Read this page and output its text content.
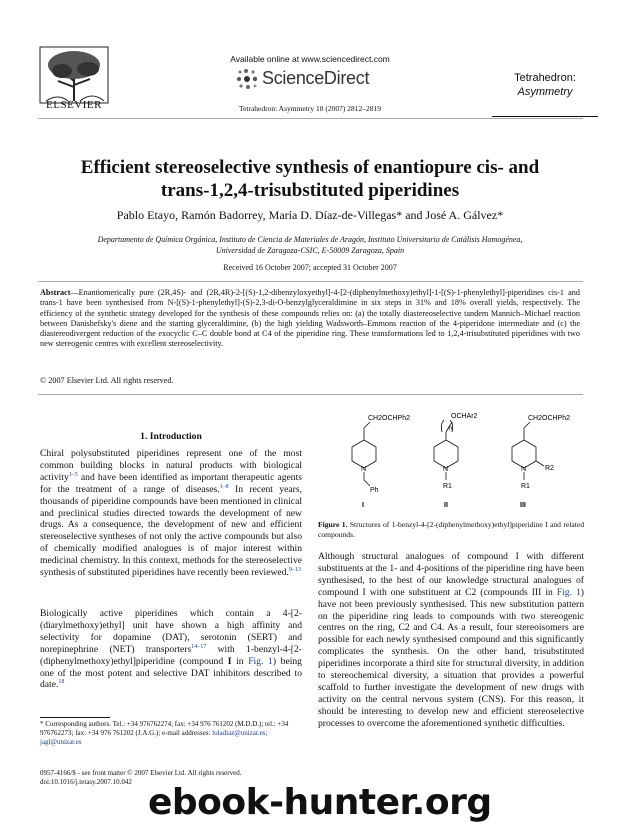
ELSEVIER
Available online at www.sciencedirect.com
ScienceDirect
Tetrahedron: Asymmetry 18 (2007) 2812–2819
Tetrahedron:
Asymmetry
Efficient stereoselective synthesis of enantiopure cis- and
trans-1,2,4-trisubstituted piperidines
Pablo Etayo, Ramón Badorrey, María D. Díaz-de-Villegas* and José A. Gálvez*
Departamento de Química Orgánica, Instituto de Ciencia de Materiales de Aragón, Instituto Universitario de Catálisis Homogénea,
Universidad de Zaragoza-CSIC, E-50009 Zaragoza, Spain
Received 16 October 2007; accepted 31 October 2007
Abstract—Enantiomerically pure (2R,4S)- and (2R,4R)-2-[(S)-1,2-dibenzyloxyethyl]-4-[2-(diphenylmethoxy)ethyl]-1-[(S)-1-phenylethyl]-piperidines cis-1 and trans-1 have been synthesised from N-[(S)-1-phenylethyl]-(S)-2,3-di-O-benzylglyceraldimine in six steps in 31% and 18% overall yields, respectively. The efficiency of the synthetic strategy developed for the synthesis of these compounds relies on: (a) the totally diastereoselective tandem Mannich–Michael reaction between Danishefsky's diene and the starting glyceraldimine, (b) the high yielding Wadsworth–Emmons reaction of the 4-piperidone intermediate and (c) the diastereodivergent reduction of the exocyclic C–C double bond at C4 of the piperidine ring. These transformations led to 1,2,4-trisubstituted piperidines with two new stereogenic centres with excellent stereoselectivity.
© 2007 Elsevier Ltd. All rights reserved.
1. Introduction
Chiral polysubstituted piperidines represent one of the most common building blocks in natural products with biological activity$^{1-5}$ and have been identified as important therapeutic agents for the treatment of a range of diseases.$^{1-8}$ In recent years, thousands of piperidine compounds have been mentioned in clinical and preclinical studies directed towards the development of new drugs. As a consequence, the development of new and efficient stereoselective syntheses of not only the active compounds but also of chemically modified analogues is of major interest within medicinal chemistry. In this context, methods for the stereoselective synthesis of substituted piperidines have recently been reviewed.$^{9-13}$
Biologically active piperidines which contain a 4-[2-(diarylmethoxy)ethyl] unit have shown a high affinity and selectivity for dopamine (DAT), serotonin (SERT) and norepinephrine (NET) transporters$^{14-17}$ with 1-benzyl-4-[2-(diphenylmethoxy)ethyl]piperidine (compound I in Fig. 1) being one of the most potent and selective DAT inhibitors described to date.$^{18}$
* Corresponding authors. Tel.: +34 976762274; fax: +34 976 761202 (M.D.D.); tel.: +34 976762273; fax: +34 976 761202 (J.A.G.); e-mail addresses: loladiaz@unizar.es; jagl@unizar.es
0957-4166/$ - see front matter © 2007 Elsevier Ltd. All rights reserved.
doi:10.1016/j.tetasy.2007.10.042
CH2OCHPh2
N
Ph
I
OCHAr2
n
N
R1
II
CH2OCHPh2
R2
N
R1
III
Figure 1. Structures of 1-benzyl-4-[2-(diphenylmethoxy)ethyl]piperidine I and related compounds.
Although structural analogues of compound I with different substituents at the 1- and 4-positions of the piperidine ring have been synthesised, to the best of our knowledge structural analogues of compound I with one substituent at C2 (compounds III in Fig. 1) have not been previously synthesised. This new substitution pattern on the piperidine ring leads to compounds with two stereogenic centres on the ring, C2 and C4. As a result, four stereoisomers are possible for each newly synthesised compound and this significantly complicates the synthesis. On the other hand, trisubstituted piperidines incorporate a third site for structural diversity, in addition to stereochemical diversity, a situation that provides a powerful scaffold to further investigate the development of new drugs with activity on the central nervous system (CNS). For this reason, it should be interesting to develop new and efficient stereoselective processes to overcome the aforementioned synthetic difficulties.
ebook-hunter.org
